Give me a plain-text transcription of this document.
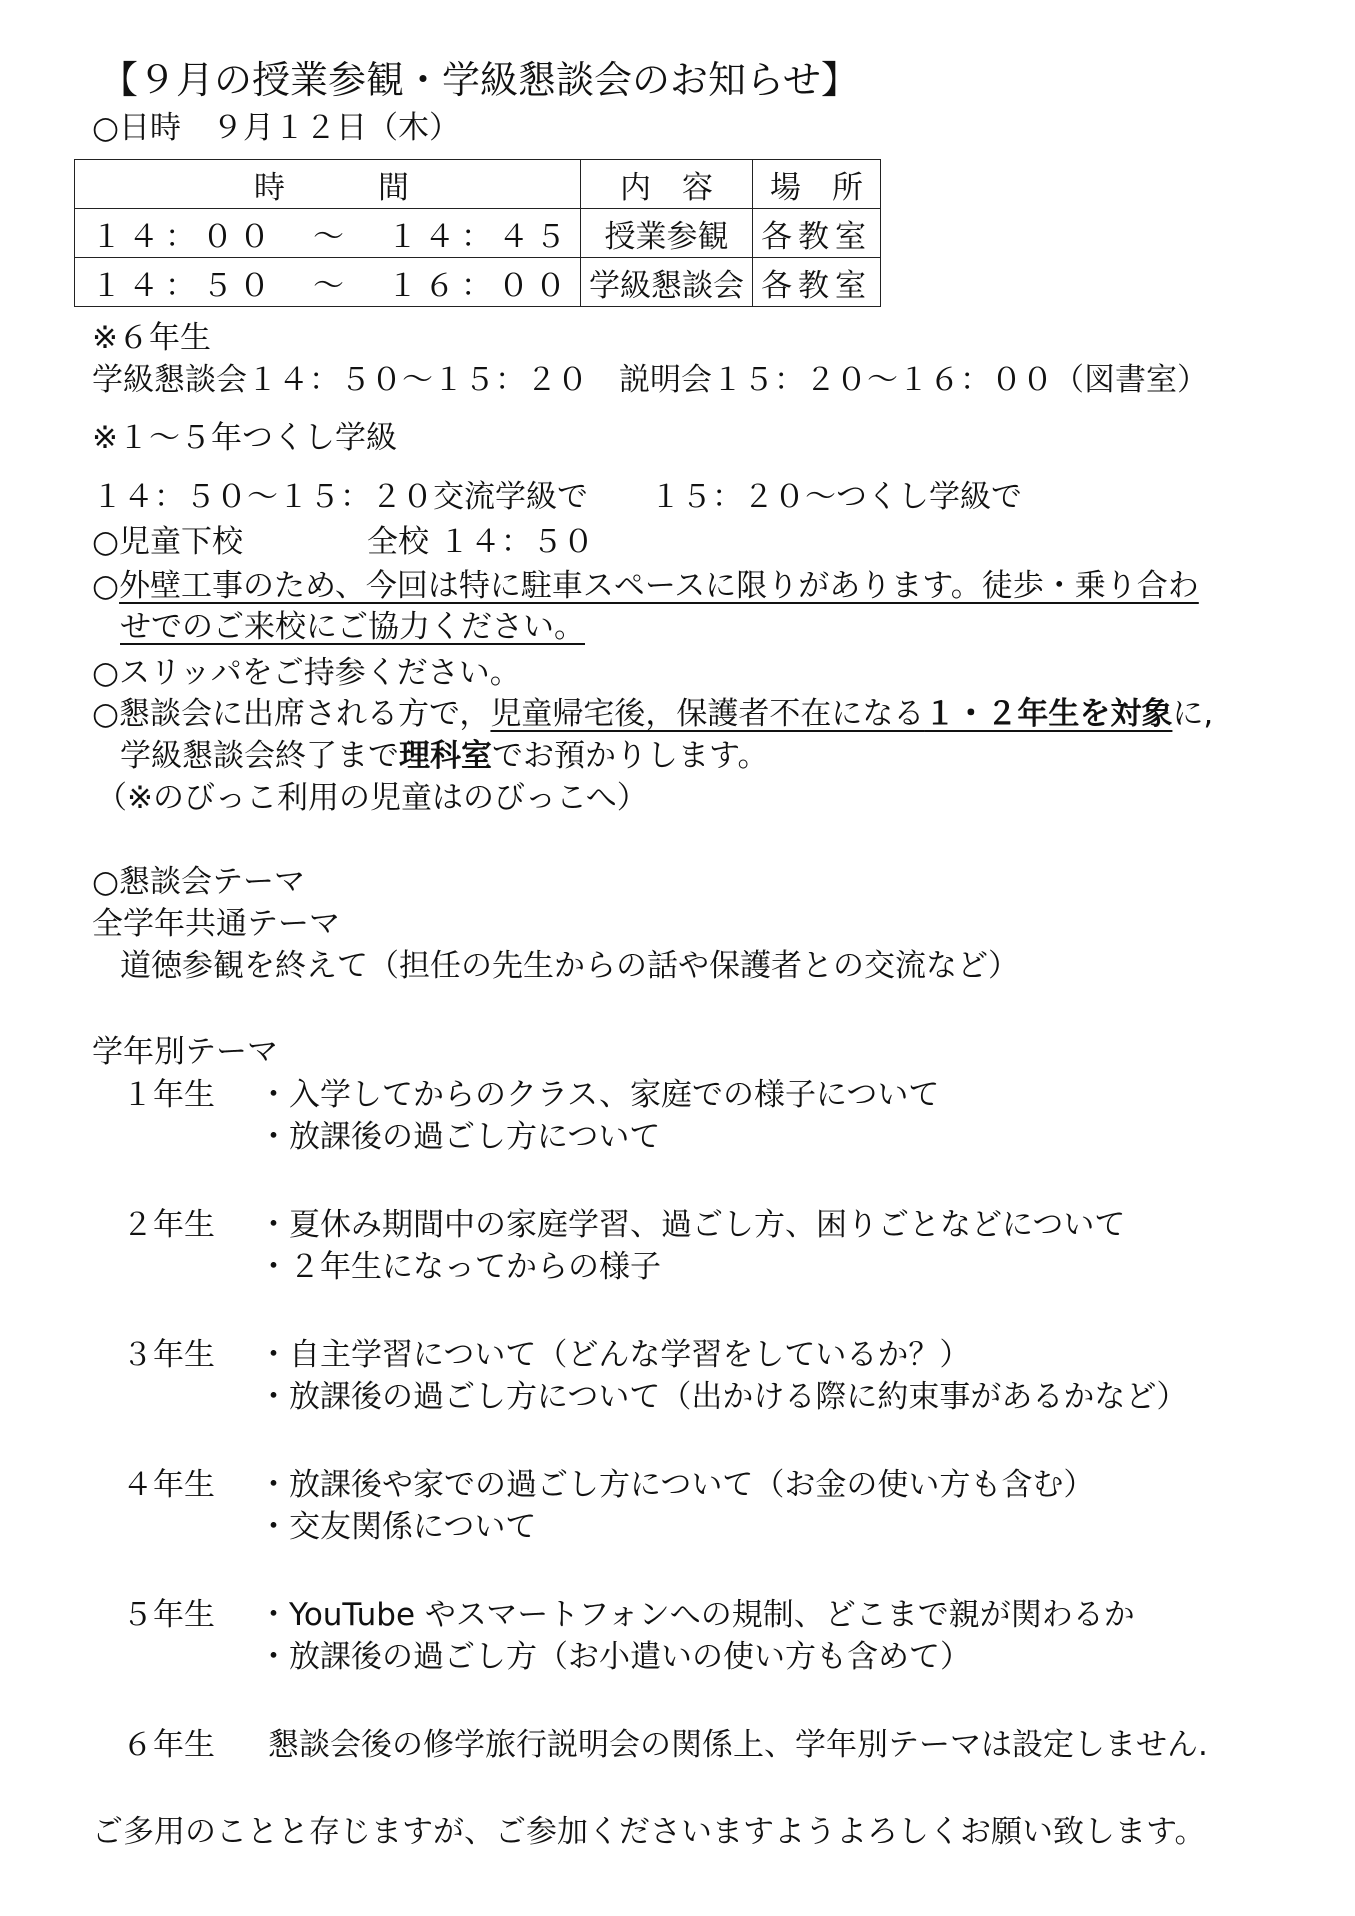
【９月の授業参観・学級懇談会のお知らせ】
○日時　９月１２日（木）
時　　　間	内　容	場　所
１４：００　～　１４：４５	授業参観	各教室
１４：５０　～　１６：００	学級懇談会	各教室
※６年生
学級懇談会１４：５０～１５：２０　説明会１５：２０～１６：００（図書室）
※１～５年つくし学級
１４：５０～１５：２０交流学級で　　１５：２０～つくし学級で
○児童下校　　　　全校 １４：５０
○外壁工事のため、今回は特に駐車スペースに限りがあります。徒歩・乗り合わ
せでのご来校にご協力ください。
○スリッパをご持参ください。
○懇談会に出席される方で，児童帰宅後，保護者不在になる１・２年生を対象に,
学級懇談会終了まで理科室でお預かりします。
（※のびっこ利用の児童はのびっこへ）
○懇談会テーマ
全学年共通テーマ
道徳参観を終えて（担任の先生からの話や保護者との交流など）
学年別テーマ
１年生 ・入学してからのクラス、家庭での様子について
・放課後の過ごし方について
２年生 ・夏休み期間中の家庭学習、過ごし方、困りごとなどについて
・２年生になってからの様子
３年生 ・自主学習について（どんな学習をしているか？）
・放課後の過ごし方について（出かける際に約束事があるかなど）
４年生 ・放課後や家での過ごし方について（お金の使い方も含む）
・交友関係について
５年生 ・YouTube やスマートフォンへの規制、どこまで親が関わるか
・放課後の過ごし方（お小遣いの使い方も含めて）
６年生 懇談会後の修学旅行説明会の関係上、学年別テーマは設定しません.
ご多用のことと存じますが、ご参加くださいますようよろしくお願い致します。
